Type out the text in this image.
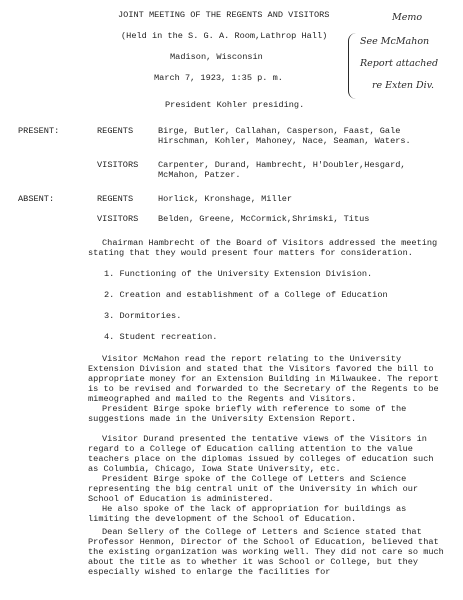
JOINT MEETING OF THE REGENTS AND VISITORS
(Held in the S. G. A. Room,Lathrop Hall)
Madison, Wisconsin
March 7, 1923, 1:35 p. m.
President Kohler presiding.
Memo
See McMahon
Report attached
re Exten Div.
PRESENT:	REGENTS	Birge, Butler, Callahan, Casperson, Faast, Gale
Hirschman, Kohler, Mahoney, Nace, Seaman, Waters.
VISITORS Carpenter, Durand, Hambrecht, H'Doubler,Hesgard,
McMahon, Patzer.
ABSENT:	REGENTS	Horlick, Kronshage, Miller
VISITORS Belden, Greene, McCormick,Shrimski, Titus
Chairman Hambrecht of the Board of Visitors addressed the meeting stating that they would present four matters for consideration.
1. Functioning of the University Extension Division.
2. Creation and establishment of a College of Education
3. Dormitories.
4. Student recreation.
Visitor McMahon read the report relating to the University Extension Division and stated that the Visitors favored the bill to appropriate money for an Extension Building in Milwaukee. The report is to be revised and forwarded to the Secretary of the Regents to be mimeographed and mailed to the Regents and Visitors.
President Birge spoke briefly with reference to some of the suggestions made in the University Extension Report.
Visitor Durand presented the tentative views of the Visitors in regard to a College of Education calling attention to the value teachers place on the diplomas issued by colleges of education such as Columbia, Chicago, Iowa State University, etc.
President Birge spoke of the College of Letters and Science representing the big central unit of the University in which our School of Education is administered.
He also spoke of the lack of appropriation for buildings as limiting the development of the School of Education.
Dean Sellery of the College of Letters and Science stated that Professor Henmon, Director of the School of Education, believed that the existing organization was working well. They did not care so much about the title as to whether it was School or College, but they especially wished to enlarge the facilities for
